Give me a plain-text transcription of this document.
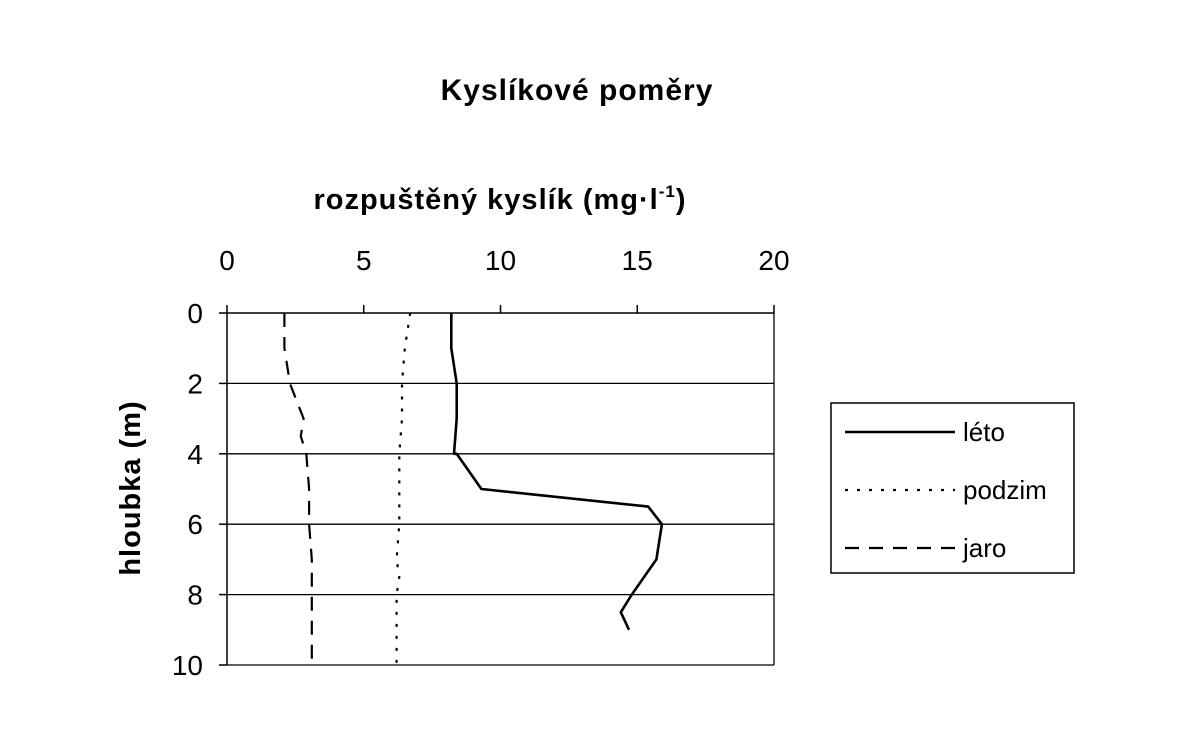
Kyslíkové poměry
rozpuštěný kyslík $(mg\cdot l^{-1})$
hloubka (m)
0	5	10	15	20
0
2
4
6
8
10
léto
podzim
jaro
